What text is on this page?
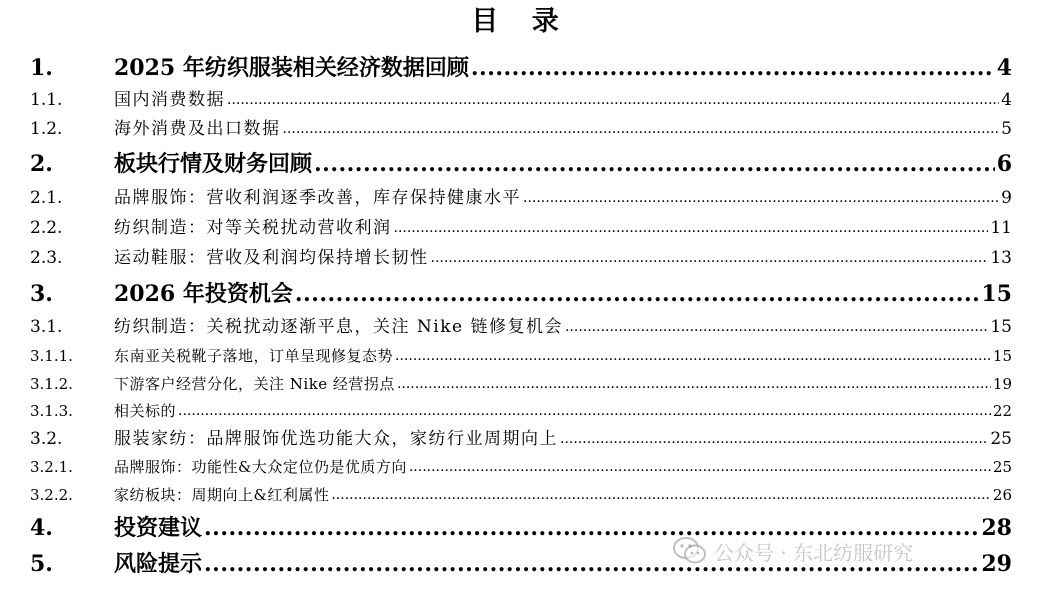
目 录
1.	2025 年纺织服装相关经济数据回顾 .....	4
1.1.	国内消费数据 .....	4
1.2.	海外消费及出口数据 .....	5
2.	板块行情及财务回顾 .....	6
2.1.	品牌服饰：营收利润逐季改善，库存保持健康水平 .....	9
2.2.	纺织制造：对等关税扰动营收利润 .....	11
2.3.	运动鞋服：营收及利润均保持增长韧性 .....	13
3.	2026 年投资机会 .....	15
3.1.	纺织制造：关税扰动逐渐平息，关注 Nike 链修复机会 .....	15
3.1.1.	东南亚关税靴子落地，订单呈现修复态势 .....	15
3.1.2.	下游客户经营分化，关注 Nike 经营拐点 .....	19
3.1.3.	相关标的 .....	22
3.2.	服装家纺：品牌服饰优选功能大众，家纺行业周期向上 .....	25
3.2.1.	品牌服饰：功能性&大众定位仍是优质方向 .....	25
3.2.2.	家纺板块：周期向上&红利属性 .....	26
4.	投资建议 .....	28
5.	风险提示 .....	29
公众号 · 东北纺服研究
